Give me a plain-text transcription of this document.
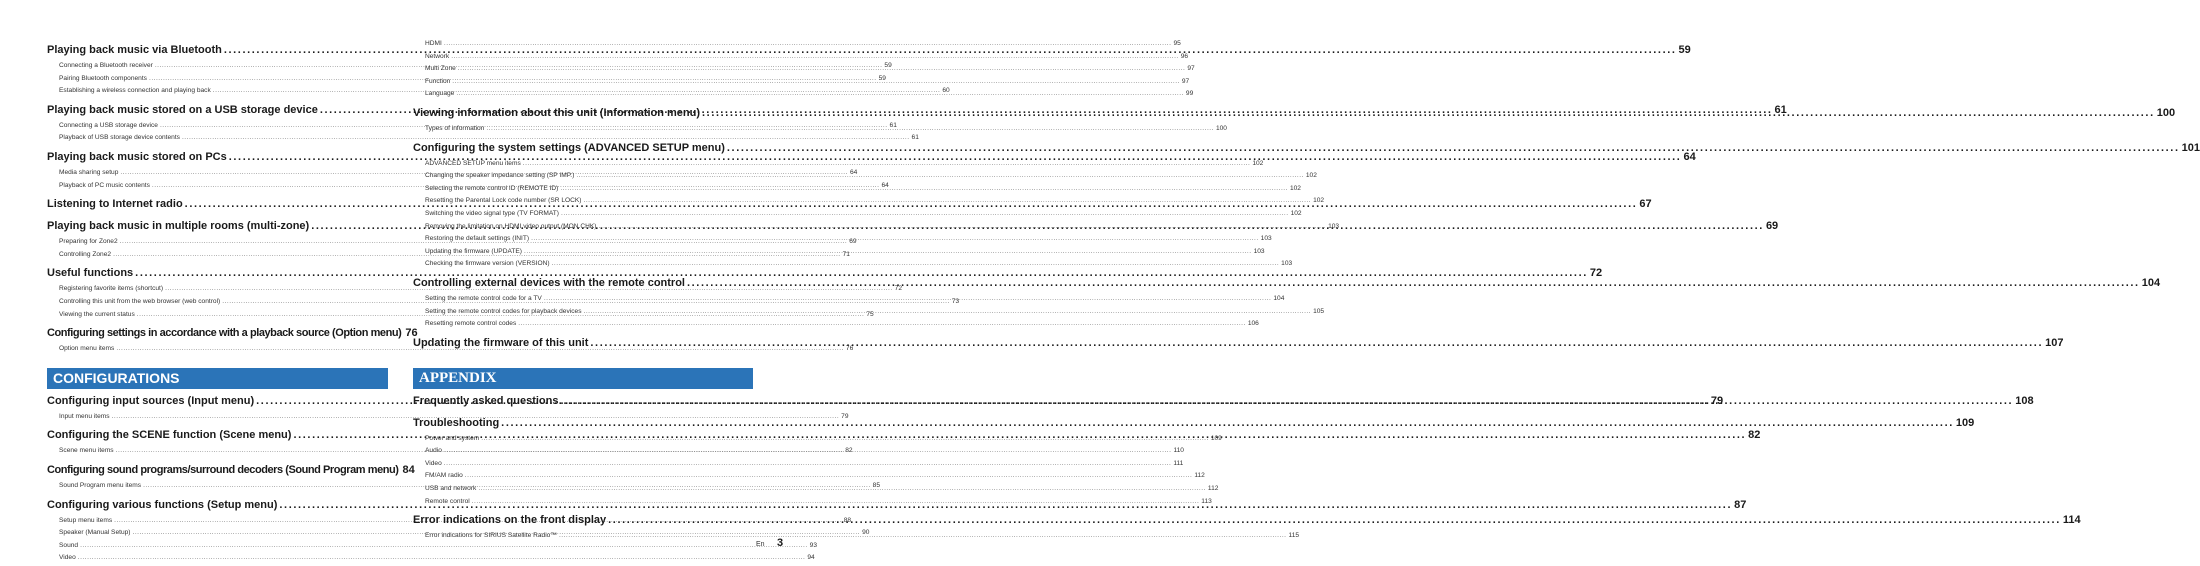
Playing back music via Bluetooth .....	59
Connecting a Bluetooth receiver .....	59
Pairing Bluetooth components .....	59
Establishing a wireless connection and playing back .....	60
Playing back music stored on a USB storage device .....	61
Connecting a USB storage device .....	61
Playback of USB storage device contents .....	61
Playing back music stored on PCs .....	64
Media sharing setup .....	64
Playback of PC music contents .....	64
Listening to Internet radio .....	67
Playing back music in multiple rooms (multi-zone) .....	69
Preparing for Zone2 .....	69
Controlling Zone2 .....	71
Useful functions .....	72
Registering favorite items (shortcut) .....	72
Controlling this unit from the web browser (web control) .....	73
Viewing the current status .....	75
Configuring settings in accordance with a playback source (Option menu) 76
Option menu items .....	76
CONFIGURATIONS
Configuring input sources (Input menu) .....	79
Input menu items .....	79
Configuring the SCENE function (Scene menu) .....	82
Scene menu items .....	82
Configuring sound programs/surround decoders (Sound Program menu) 84
Sound Program menu items .....	85
Configuring various functions (Setup menu) .....	87
Setup menu items .....	88
Speaker (Manual Setup) .....	90
Sound .....	93
Video .....	94
HDMI .....	95
Network .....	96
Multi Zone .....	97
Function .....	97
Language .....	99
Viewing information about this unit (Information menu) .....	100
Types of information .....	100
Configuring the system settings (ADVANCED SETUP menu) .....	101
ADVANCED SETUP menu items .....	102
Changing the speaker impedance setting (SP IMP.) .....	102
Selecting the remote control ID (REMOTE ID) .....	102
Resetting the Parental Lock code number (SR LOCK) .....	102
Switching the video signal type (TV FORMAT) .....	102
Removing the limitation on HDMI video output (MON.CHK) .....	103
Restoring the default settings (INIT) .....	103
Updating the firmware (UPDATE) .....	103
Checking the firmware version (VERSION) .....	103
Controlling external devices with the remote control .....	104
Setting the remote control code for a TV .....	104
Setting the remote control codes for playback devices .....	105
Resetting remote control codes .....	106
Updating the firmware of this unit .....	107
APPENDIX
Frequently asked questions .....	108
Troubleshooting .....	109
Power and system .....	109
Audio .....	110
Video .....	111
FM/AM radio .....	112
USB and network .....	112
Remote control .....	113
Error indications on the front display .....	114
Error indications for SIRIUS Satellite Radio™ .....	115
En 3
